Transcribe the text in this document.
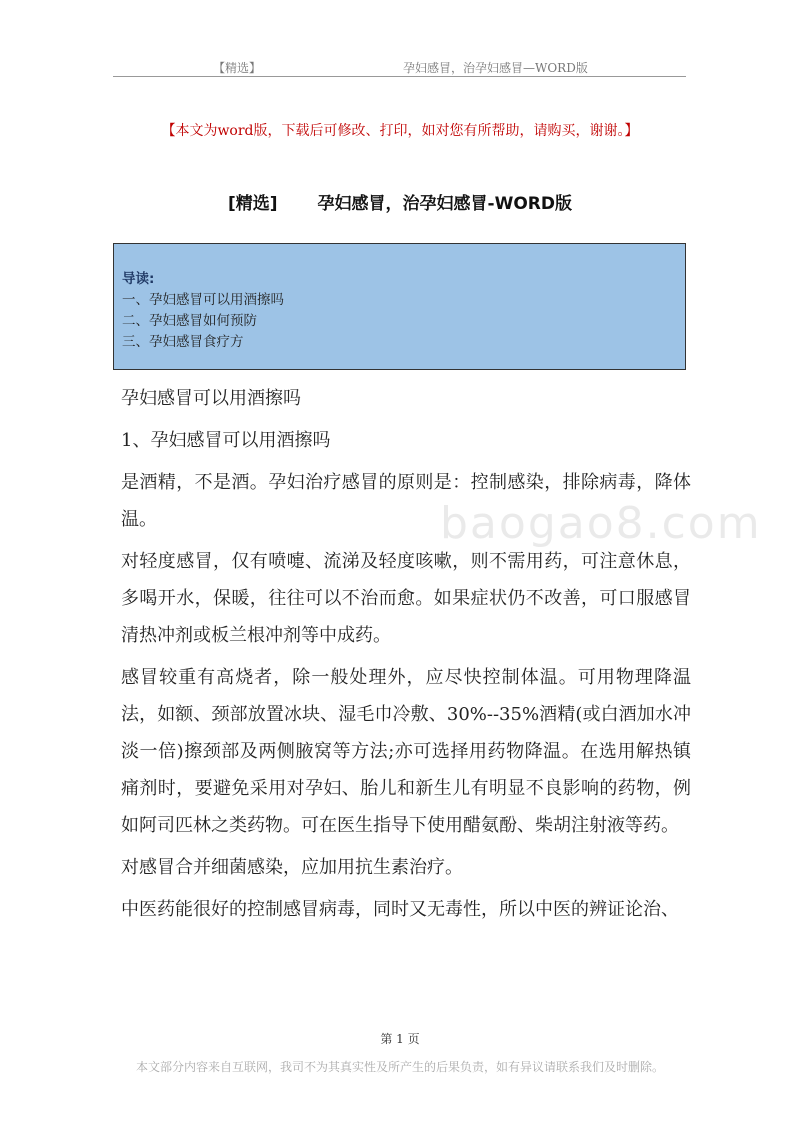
【精选】	孕妇感冒，治孕妇感冒—WORD版
【本文为word版，下载后可修改、打印，如对您有所帮助，请购买，谢谢。】
[精选] 孕妇感冒，治孕妇感冒-WORD版
导读:
一、孕妇感冒可以用酒擦吗
二、孕妇感冒如何预防
三、孕妇感冒食疗方
baogao8.com

孕妇感冒可以用酒擦吗

1、孕妇感冒可以用酒擦吗

是酒精，不是酒。孕妇治疗感冒的原则是：控制感染，排除病毒，降体温。

对轻度感冒，仅有喷嚏、流涕及轻度咳嗽，则不需用药，可注意休息，多喝开水，保暖，往往可以不治而愈。如果症状仍不改善，可口服感冒清热冲剂或板兰根冲剂等中成药。

感冒较重有高烧者，除一般处理外，应尽快控制体温。可用物理降温法，如额、颈部放置冰块、湿毛巾冷敷、30%--35%酒精(或白酒加水冲淡一倍)擦颈部及两侧腋窝等方法;亦可选择用药物降温。在选用解热镇痛剂时，要避免采用对孕妇、胎儿和新生儿有明显不良影响的药物，例如阿司匹林之类药物。可在医生指导下使用醋氨酚、柴胡注射液等药。

对感冒合并细菌感染，应加用抗生素治疗。

中医药能很好的控制感冒病毒，同时又无毒性，所以中医的辨证论治、

第 1 页
本文部分内容来自互联网，我司不为其真实性及所产生的后果负责，如有异议请联系我们及时删除。
